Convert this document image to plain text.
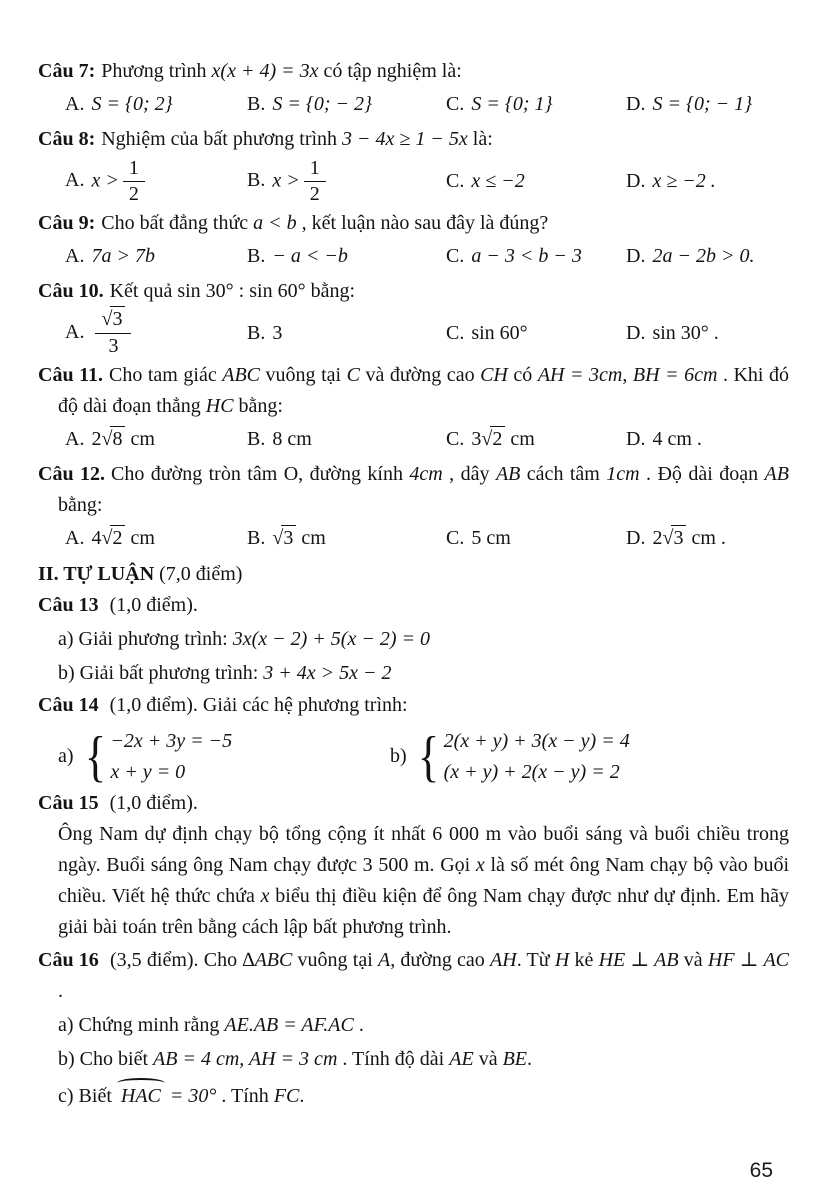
Câu 7: Phương trình x(x + 4) = 3x có tập nghiệm là:

A. S = {0; 2}	B. S = {0; − 2}	C. S = {0; 1}	D. S = {0; − 1}

Câu 8: Nghiệm của bất phương trình 3 − 4x ≥ 1 − 5x là:

A. $x > \frac{1}{2}$	B. $x > \frac{1}{2}$	C. x ≤ −2	D. x ≥ −2 .

Câu 9: Cho bất đẳng thức a < b , kết luận nào sau đây là đúng?

A. 7a > 7b	B. − a < −b	C. a − 3 < b − 3	D. 2a − 2b > 0.

Câu 10. Kết quả sin 30° : sin 60° bằng:

A. $\frac{√3}{3}$	B. 3	C. sin 60°	D. sin 30° .

Câu 11. Cho tam giác ABC vuông tại C và đường cao CH có AH = 3cm, BH = 6cm . Khi đó độ dài đoạn thẳng HC bằng:

A. 2√8 cm	B. 8 cm	C. 3√2 cm	D. 4 cm .

Câu 12. Cho đường tròn tâm O, đường kính 4cm , dây AB cách tâm 1cm . Độ dài đoạn AB bằng:

A. 4√2 cm	B. √3 cm	C. 5 cm	D. 2√3 cm .

II. TỰ LUẬN (7,0 điểm)

Câu 13 (1,0 điểm).

a) Giải phương trình: 3x(x − 2) + 5(x − 2) = 0

b) Giải bất phương trình: 3 + 4x > 5x − 2

Câu 14 (1,0 điểm). Giải các hệ phương trình:

a) { −2x + 3y = −5
x + y = 0
b) { 2(x + y) + 3(x − y) = 4
(x + y) + 2(x − y) = 2

Câu 15 (1,0 điểm).

Ông Nam dự định chạy bộ tổng cộng ít nhất 6 000 m vào buổi sáng và buổi chiều trong ngày. Buổi sáng ông Nam chạy được 3 500 m. Gọi x là số mét ông Nam chạy bộ vào buổi chiều. Viết hệ thức chứa x biểu thị điều kiện để ông Nam chạy được như dự định. Em hãy giải bài toán trên bằng cách lập bất phương trình.

Câu 16 (3,5 điểm). Cho ∆ABC vuông tại A, đường cao AH. Từ H kẻ HE ⊥ AB và HF ⊥ AC .

a) Chứng minh rằng AE.AB = AF.AC .

b) Cho biết AB = 4 cm, AH = 3 cm . Tính độ dài AE và BE.

c) Biết HAC = 30° . Tính FC.

65
